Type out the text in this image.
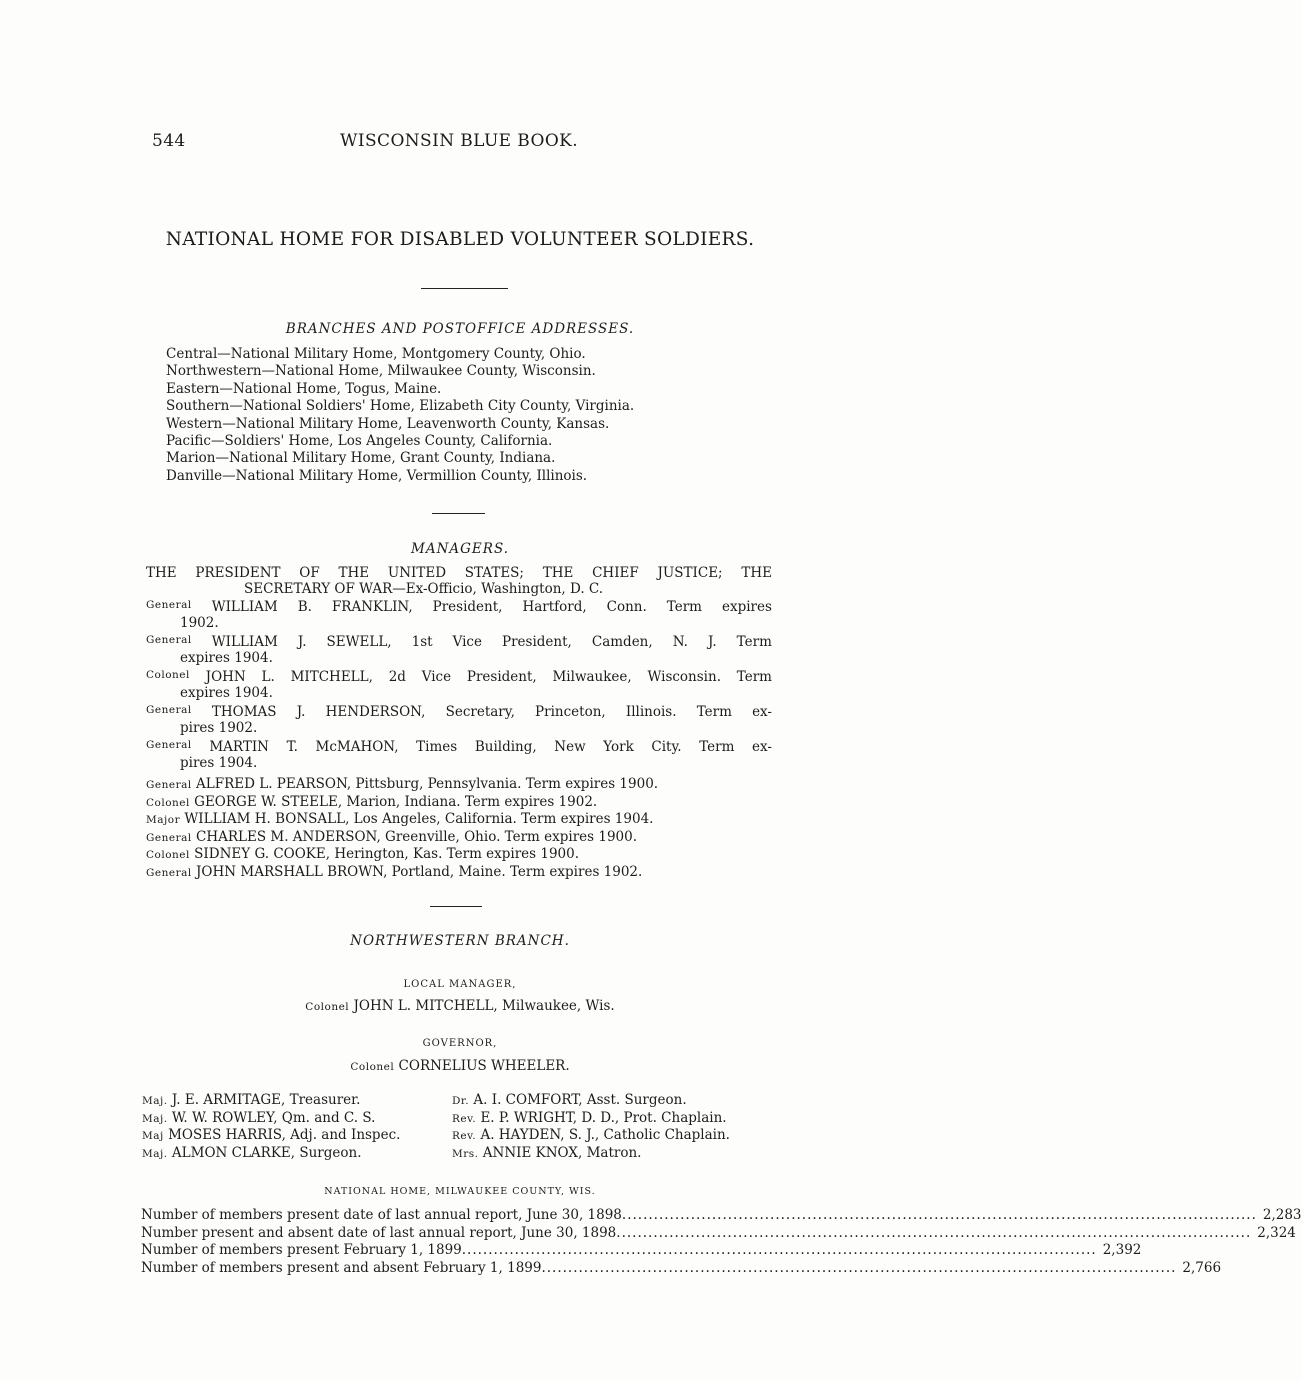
544	WISCONSIN BLUE BOOK.
NATIONAL HOME FOR DISABLED VOLUNTEER SOLDIERS.
BRANCHES AND POSTOFFICE ADDRESSES.
Central—National Military Home, Montgomery County, Ohio.
Northwestern—National Home, Milwaukee County, Wisconsin.
Eastern—National Home, Togus, Maine.
Southern—National Soldiers' Home, Elizabeth City County, Virginia.
Western—National Military Home, Leavenworth County, Kansas.
Pacific—Soldiers' Home, Los Angeles County, California.
Marion—National Military Home, Grant County, Indiana.
Danville—National Military Home, Vermillion County, Illinois.
MANAGERS.
THE PRESIDENT OF THE UNITED STATES; THE CHIEF JUSTICE; THE
SECRETARY OF WAR—Ex-Officio, Washington, D. C.
General WILLIAM B. FRANKLIN, President, Hartford, Conn. Term expires
1902.
General WILLIAM J. SEWELL, 1st Vice President, Camden, N. J. Term
expires 1904.
Colonel JOHN L. MITCHELL, 2d Vice President, Milwaukee, Wisconsin. Term
expires 1904.
General THOMAS J. HENDERSON, Secretary, Princeton, Illinois. Term ex-
pires 1902.
General MARTIN T. McMAHON, Times Building, New York City. Term ex-
pires 1904.
General ALFRED L. PEARSON, Pittsburg, Pennsylvania. Term expires 1900.
Colonel GEORGE W. STEELE, Marion, Indiana. Term expires 1902.
Major WILLIAM H. BONSALL, Los Angeles, California. Term expires 1904.
General CHARLES M. ANDERSON, Greenville, Ohio. Term expires 1900.
Colonel SIDNEY G. COOKE, Herington, Kas. Term expires 1900.
General JOHN MARSHALL BROWN, Portland, Maine. Term expires 1902.
NORTHWESTERN BRANCH.
LOCAL MANAGER,
Colonel JOHN L. MITCHELL, Milwaukee, Wis.
GOVERNOR,
Colonel CORNELIUS WHEELER.
Maj. J. E. ARMITAGE, Treasurer.
Maj. W. W. ROWLEY, Qm. and C. S.
Maj MOSES HARRIS, Adj. and Inspec.
Maj. ALMON CLARKE, Surgeon.
Dr. A. I. COMFORT, Asst. Surgeon.
Rev. E. P. WRIGHT, D. D., Prot. Chaplain.
Rev. A. HAYDEN, S. J., Catholic Chaplain.
Mrs. ANNIE KNOX, Matron.
NATIONAL HOME, MILWAUKEE COUNTY, WIS.
Number of members present date of last annual report, June 30, 1898 ........................................................................................................................ 2,283
Number present and absent date of last annual report, June 30, 1898 ........................................................................................................................ 2,324
Number of members present February 1, 1899 ........................................................................................................................ 2,392
Number of members present and absent February 1, 1899 ........................................................................................................................ 2,766
